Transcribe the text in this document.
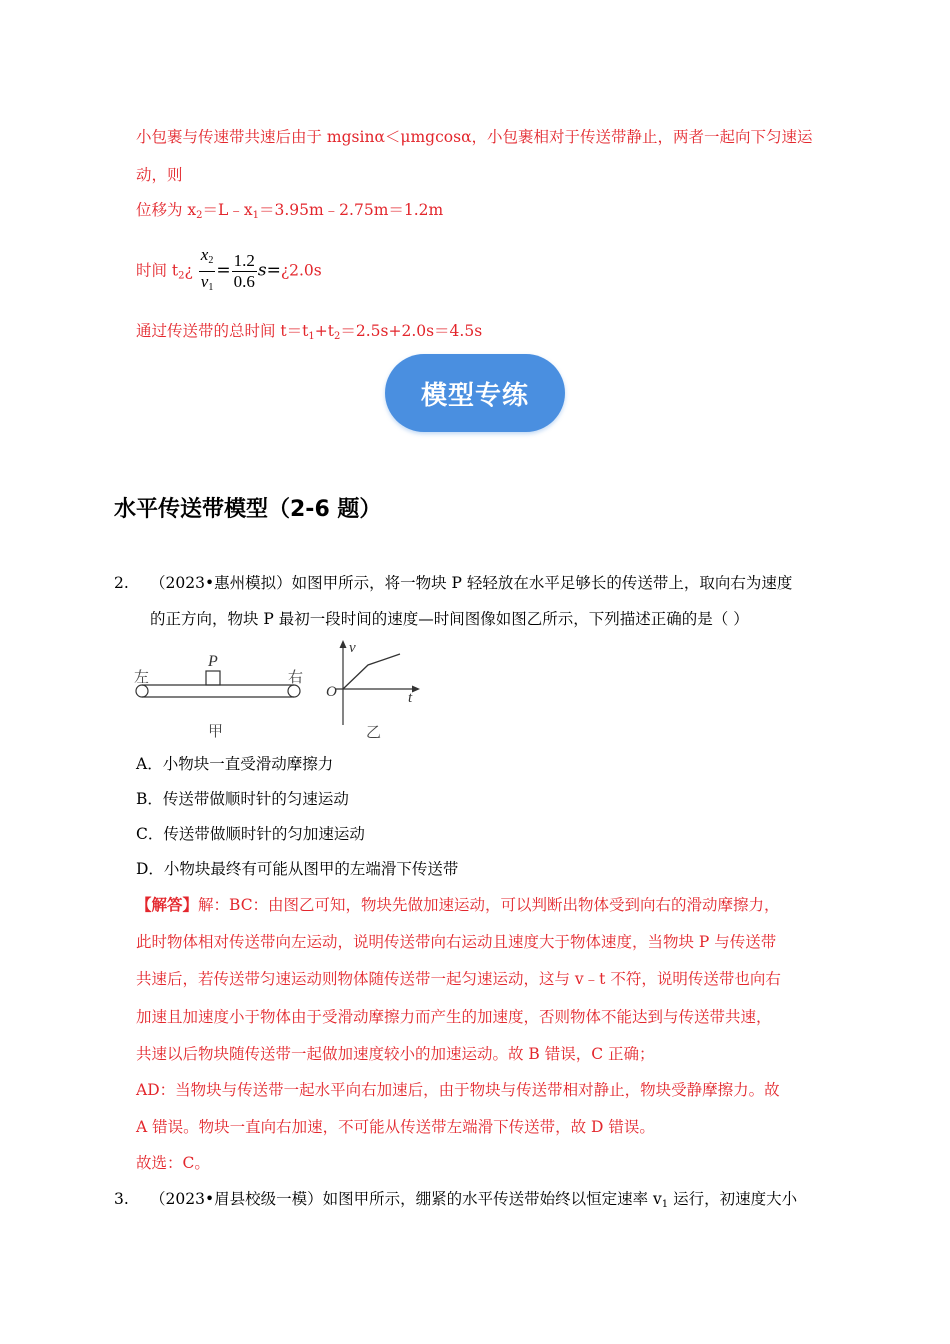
小包裹与传速带共速后由于 mgsinα＜μmgcosα，小包裹相对于传送带静止，两者一起向下匀速运
动，则
位移为 $x_2=L﹣x_1=3.95m﹣2.75m=1.2m$
时间 $t_2¿ \frac{x_2}{v_1} = \frac{1.2}{0.6}$ s=¿2.0s
通过传送带的总时间 $t=t_1+t_2=2.5s+2.0s=4.5s$
模型专练
水平传送带模型（2-6 题）
2. （2023•惠州模拟）如图甲所示，将一物块 P 轻轻放在水平足够长的传送带上，取向右为速度
的正方向，物块 P 最初一段时间的速度—时间图像如图乙所示，下列描述正确的是（ ）
左	右
P
甲
v
O	t
乙
A．小物块一直受滑动摩擦力
B．传送带做顺时针的匀速运动
C．传送带做顺时针的匀加速运动
D．小物块最终有可能从图甲的左端滑下传送带
【解答】解：BC：由图乙可知，物块先做加速运动，可以判断出物体受到向右的滑动摩擦力，
此时物体相对传送带向左运动，说明传送带向右运动且速度大于物体速度，当物块 P 与传送带
共速后，若传送带匀速运动则物体随传送带一起匀速运动，这与 v﹣t 不符，说明传送带也向右
加速且加速度小于物体由于受滑动摩擦力而产生的加速度，否则物体不能达到与传送带共速，
共速以后物块随传送带一起做加速度较小的加速运动。故 B 错误，C 正确；
AD：当物块与传送带一起水平向右加速后，由于物块与传送带相对静止，物块受静摩擦力。故
A 错误。物块一直向右加速，不可能从传送带左端滑下传送带，故 D 错误。
故选：C。
3. （2023•眉县校级一模）如图甲所示，绷紧的水平传送带始终以恒定速率 $v_1$ 运行，初速度大小
